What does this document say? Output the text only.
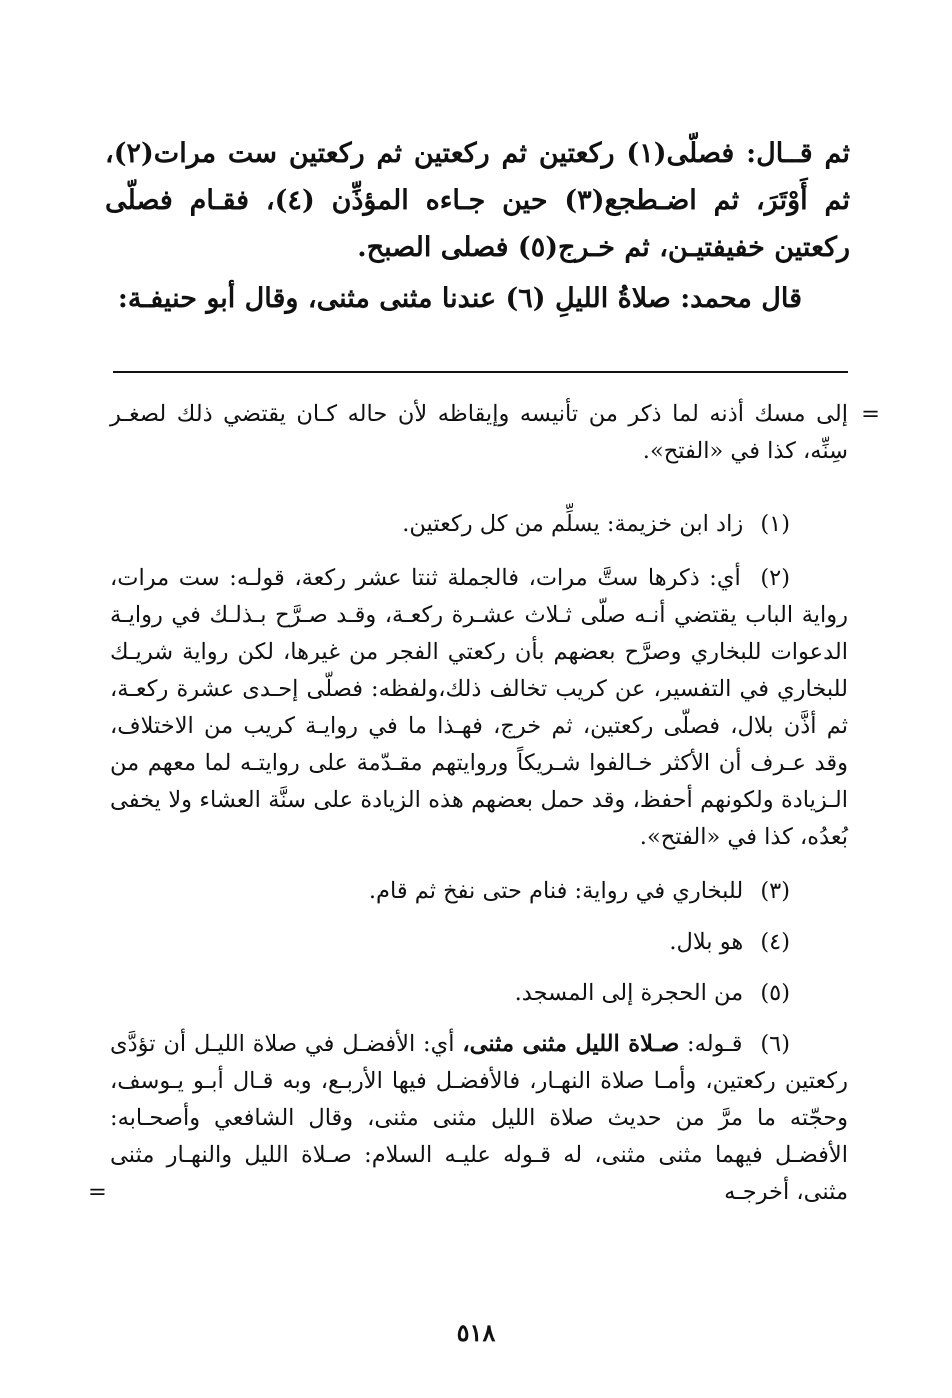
ثم قــال: فصلّى(١) ركعتين ثم ركعتين ثم ركعتين ست مرات(٢)، ثم أَوْتَرَ، ثم اضـطجع(٣) حين جـاءه المؤذِّن (٤)، فقـام فصلّى ركعتين خفيفتيـن، ثم خـرج(٥) فصلى الصبح.

قال محمد: صلاةُ الليلِ (٦) عندنا مثنى مثنى، وقال أبو حنيفـة:

=
إلى مسك أذنه لما ذكر من تأنيسه وإيقاظه لأن حاله كـان يقتضي ذلك لصغـر سِنِّه، كذا في «الفتح».

(١) زاد ابن خزيمة: يسلِّم من كل ركعتين.

(٢) أي: ذكرها ستَّ مرات، فالجملة ثنتا عشر ركعة، قولـه: ست مرات، رواية الباب يقتضي أنـه صلّى ثـلاث عشـرة ركعـة، وقـد صـرَّح بـذلـك في روايـة الدعوات للبخاري وصرَّح بعضهم بأن ركعتي الفجر من غيرها، لكن رواية شريـك للبخاري في التفسير، عن كريب تخالف ذلك،ولفظه: فصلّى إحـدى عشرة ركعـة، ثم أذَّن بلال، فصلّى ركعتين، ثم خرج، فهـذا ما في روايـة كريب من الاختلاف، وقد عـرف أن الأكثر خـالفوا شـريكاً وروايتهم مقـدّمة على روايتـه لما معهم من الـزيادة ولكونهم أحفظ، وقد حمل بعضهم هذه الزيادة على سنَّة العشاء ولا يخفى بُعدُه، كذا في «الفتح».

(٣) للبخاري في رواية: فنام حتى نفخ ثم قام.

(٤) هو بلال.

(٥) من الحجرة إلى المسجد.

(٦) قـوله: صـلاة الليل مثنى مثنى، أي: الأفضـل في صلاة الليـل أن تؤدَّى ركعتين ركعتين، وأمـا صلاة النهـار، فالأفضـل فيها الأربـع، وبه قـال أبـو يـوسف، وحجّته ما مرَّ من حديث صلاة الليل مثنى مثنى، وقال الشافعي وأصحـابه: الأفضـل فيهما مثنى مثنى، له قـوله عليـه السلام: صـلاة الليل والنهـار مثنى مثنى، أخرجـه
=

٥١٨
